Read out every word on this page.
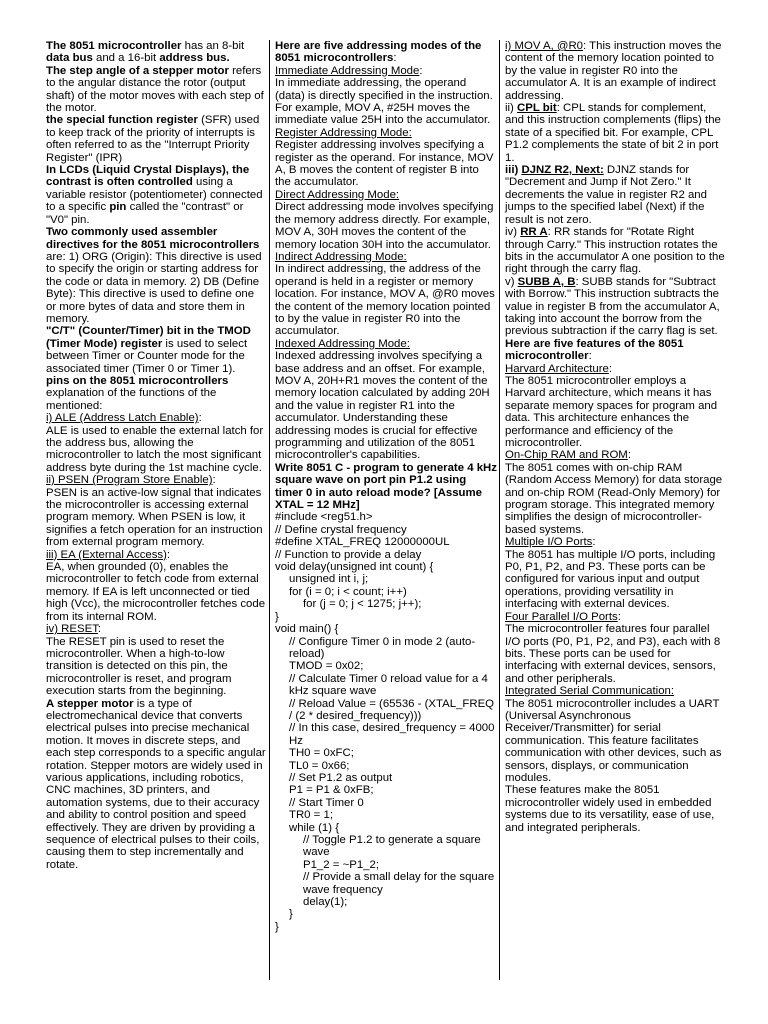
The 8051 microcontroller has an 8-bit data bus and a 16-bit address bus.
The step angle of a stepper motor refers to the angular distance the rotor (output shaft) of the motor moves with each step of the motor.
the special function register (SFR) used to keep track of the priority of interrupts is often referred to as the "Interrupt Priority Register" (IPR)
In LCDs (Liquid Crystal Displays), the contrast is often controlled using a variable resistor (potentiometer) connected to a specific pin called the "contrast" or "V0" pin.
Two commonly used assembler directives for the 8051 microcontrollers are: 1) ORG (Origin): This directive is used to specify the origin or starting address for the code or data in memory. 2) DB (Define Byte): This directive is used to define one or more bytes of data and store them in memory.
"C/T" (Counter/Timer) bit in the TMOD (Timer Mode) register is used to select between Timer or Counter mode for the associated timer (Timer 0 or Timer 1).
pins on the 8051 microcontrollers explanation of the functions of the mentioned:
i) ALE (Address Latch Enable):
ALE is used to enable the external latch for the address bus, allowing the microcontroller to latch the most significant address byte during the 1st machine cycle.
ii) PSEN (Program Store Enable):
PSEN is an active-low signal that indicates the microcontroller is accessing external program memory. When PSEN is low, it signifies a fetch operation for an instruction from external program memory.
iii) EA (External Access):
EA, when grounded (0), enables the microcontroller to fetch code from external memory. If EA is left unconnected or tied high (Vcc), the microcontroller fetches code from its internal ROM.
iv) RESET:
The RESET pin is used to reset the microcontroller. When a high-to-low transition is detected on this pin, the microcontroller is reset, and program execution starts from the beginning.
A stepper motor is a type of electromechanical device that converts electrical pulses into precise mechanical motion. It moves in discrete steps, and each step corresponds to a specific angular rotation. Stepper motors are widely used in various applications, including robotics, CNC machines, 3D printers, and automation systems, due to their accuracy and ability to control position and speed effectively. They are driven by providing a sequence of electrical pulses to their coils, causing them to step incrementally and rotate.
Here are five addressing modes of the 8051 microcontrollers:
Immediate Addressing Mode:
In immediate addressing, the operand (data) is directly specified in the instruction. For example, MOV A, #25H moves the immediate value 25H into the accumulator.
Register Addressing Mode:
Register addressing involves specifying a register as the operand. For instance, MOV A, B moves the content of register B into the accumulator.
Direct Addressing Mode:
Direct addressing mode involves specifying the memory address directly. For example, MOV A, 30H moves the content of the memory location 30H into the accumulator.
Indirect Addressing Mode:
In indirect addressing, the address of the operand is held in a register or memory location. For instance, MOV A, @R0 moves the content of the memory location pointed to by the value in register R0 into the accumulator.
Indexed Addressing Mode:
Indexed addressing involves specifying a base address and an offset. For example, MOV A, 20H+R1 moves the content of the memory location calculated by adding 20H and the value in register R1 into the accumulator. Understanding these addressing modes is crucial for effective programming and utilization of the 8051 microcontroller's capabilities.
Write 8051 C - program to generate 4 kHz square wave on port pin P1.2 using timer 0 in auto reload mode? [Assume XTAL = 12 MHz]

#include <reg51.h>

// Define crystal frequency

#define XTAL_FREQ 12000000UL

// Function to provide a delay

void delay(unsigned int count) {

unsigned int i, j;

for (i = 0; i < count; i++)

for (j = 0; j < 1275; j++);

}

void main() {

// Configure Timer 0 in mode 2 (auto-reload)

TMOD = 0x02;

// Calculate Timer 0 reload value for a 4 kHz square wave

// Reload Value = (65536 - (XTAL_FREQ / (2 * desired_frequency)))

// In this case, desired_frequency = 4000 Hz

TH0 = 0xFC;

TL0 = 0x66;

// Set P1.2 as output

P1 = P1 & 0xFB;

// Start Timer 0

TR0 = 1;

while (1) {

// Toggle P1.2 to generate a square wave

P1_2 = ~P1_2;

// Provide a small delay for the square wave frequency

delay(1);

}

}

i) MOV A, @R0: This instruction moves the content of the memory location pointed to by the value in register R0 into the accumulator A. It is an example of indirect addressing.
ii) CPL bit: CPL stands for complement, and this instruction complements (flips) the state of a specified bit. For example, CPL P1.2 complements the state of bit 2 in port 1.
iii) DJNZ R2, Next: DJNZ stands for "Decrement and Jump if Not Zero." It decrements the value in register R2 and jumps to the specified label (Next) if the result is not zero.
iv) RR A: RR stands for "Rotate Right through Carry." This instruction rotates the bits in the accumulator A one position to the right through the carry flag.
v) SUBB A, B: SUBB stands for "Subtract with Borrow." This instruction subtracts the value in register B from the accumulator A, taking into account the borrow from the previous subtraction if the carry flag is set.
Here are five features of the 8051 microcontroller:
Harvard Architecture:
The 8051 microcontroller employs a Harvard architecture, which means it has separate memory spaces for program and data. This architecture enhances the performance and efficiency of the microcontroller.
On-Chip RAM and ROM:
The 8051 comes with on-chip RAM (Random Access Memory) for data storage and on-chip ROM (Read-Only Memory) for program storage. This integrated memory simplifies the design of microcontroller-based systems.
Multiple I/O Ports:
The 8051 has multiple I/O ports, including P0, P1, P2, and P3. These ports can be configured for various input and output operations, providing versatility in interfacing with external devices.
Four Parallel I/O Ports:
The microcontroller features four parallel I/O ports (P0, P1, P2, and P3), each with 8 bits. These ports can be used for interfacing with external devices, sensors, and other peripherals.
Integrated Serial Communication:
The 8051 microcontroller includes a UART (Universal Asynchronous Receiver/Transmitter) for serial communication. This feature facilitates communication with other devices, such as sensors, displays, or communication modules.
These features make the 8051 microcontroller widely used in embedded systems due to its versatility, ease of use, and integrated peripherals.
